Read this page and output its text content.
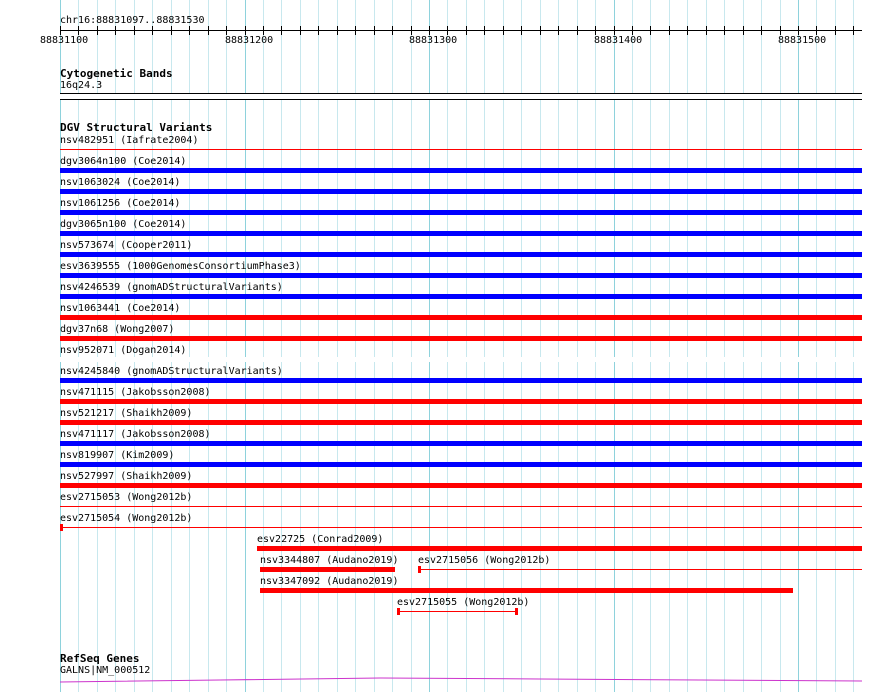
chr16:88831097..88831530
88831100	88831200	88831300	88831400	88831500
Cytogenetic Bands
16q24.3
DGV Structural Variants
nsv482951 (Iafrate2004)
dgv3064n100 (Coe2014)
nsv1063024 (Coe2014)
nsv1061256 (Coe2014)
dgv3065n100 (Coe2014)
nsv573674 (Cooper2011)
esv3639555 (1000GenomesConsortiumPhase3)
nsv4246539 (gnomADStructuralVariants)
nsv1063441 (Coe2014)
dgv37n68 (Wong2007)
nsv952071 (Dogan2014)
nsv4245840 (gnomADStructuralVariants)
nsv471115 (Jakobsson2008)
nsv521217 (Shaikh2009)
nsv471117 (Jakobsson2008)
nsv819907 (Kim2009)
nsv527997 (Shaikh2009)
esv2715053 (Wong2012b)
esv2715054 (Wong2012b)
esv22725 (Conrad2009)
nsv3344807 (Audano2019) esv2715056 (Wong2012b)
nsv3347092 (Audano2019)
esv2715055 (Wong2012b)
RefSeq Genes
GALNS|NM_000512
